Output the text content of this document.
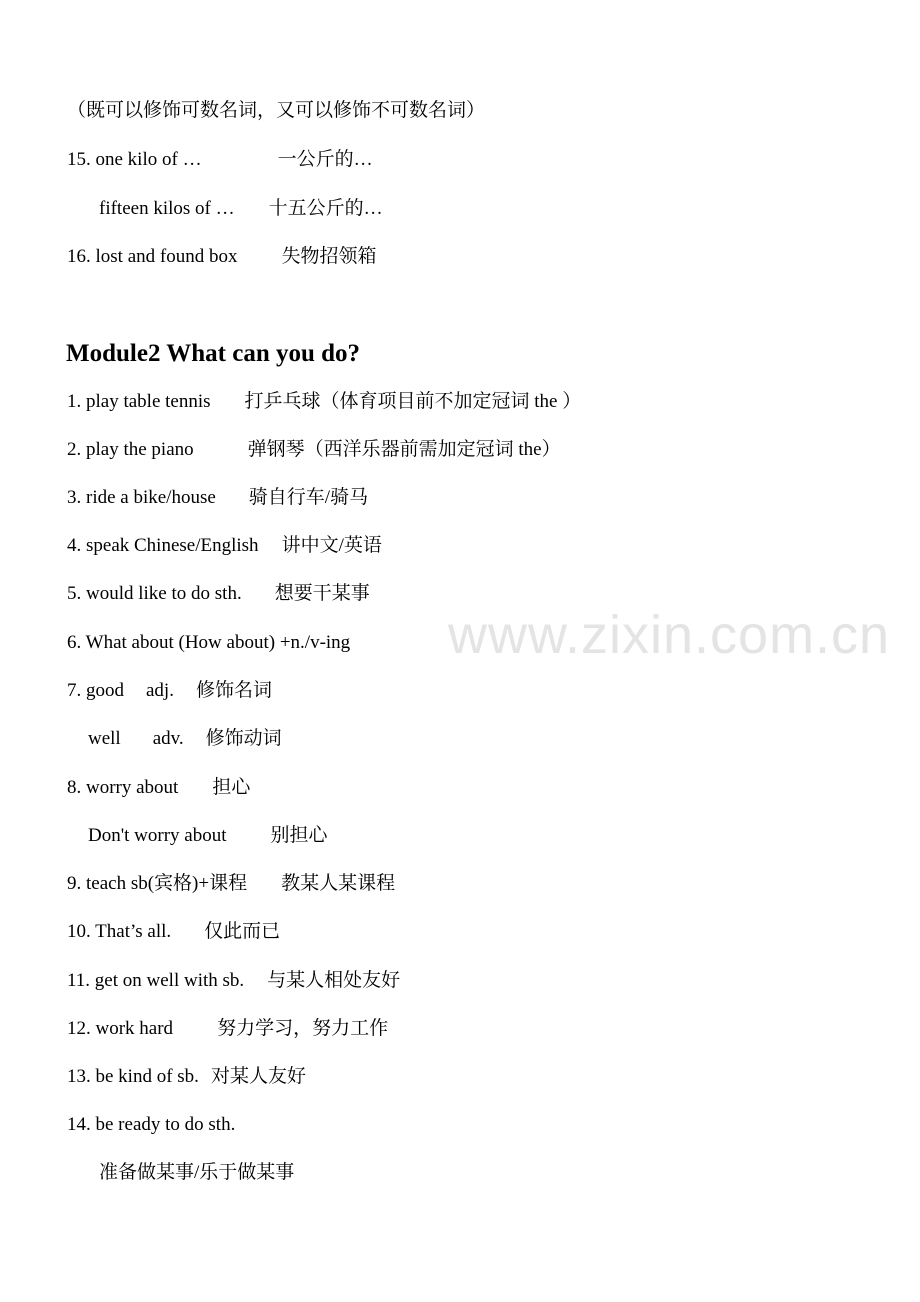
（既可以修饰可数名词，又可以修饰不可数名词）
15. one kilo of …	一公斤的…
fifteen kilos of … 十五公斤的…
16. lost and found box 失物招领箱
Module2 What can you do?
1. play table tennis 打乒乓球（体育项目前不加定冠词 the ）
2. play the piano	弹钢琴（西洋乐器前需加定冠词 the）
3. ride a bike/house 骑自行车/骑马
4. speak Chinese/English 讲中文/英语
5. would like to do sth. 想要干某事
6. What about (How about) +n./v-ing
7. good adj. 修饰名词
well adv. 修饰动词
8. worry about 担心
Don't worry about 别担心
9. teach sb(宾格)+课程 教某人某课程
10. That’s all. 仅此而已
11. get on well with sb. 与某人相处友好
12. work hard 努力学习，努力工作
13. be kind of sb. 对某人友好
14. be ready to do sth.
准备做某事/乐于做某事
www.zixin.com.cn
